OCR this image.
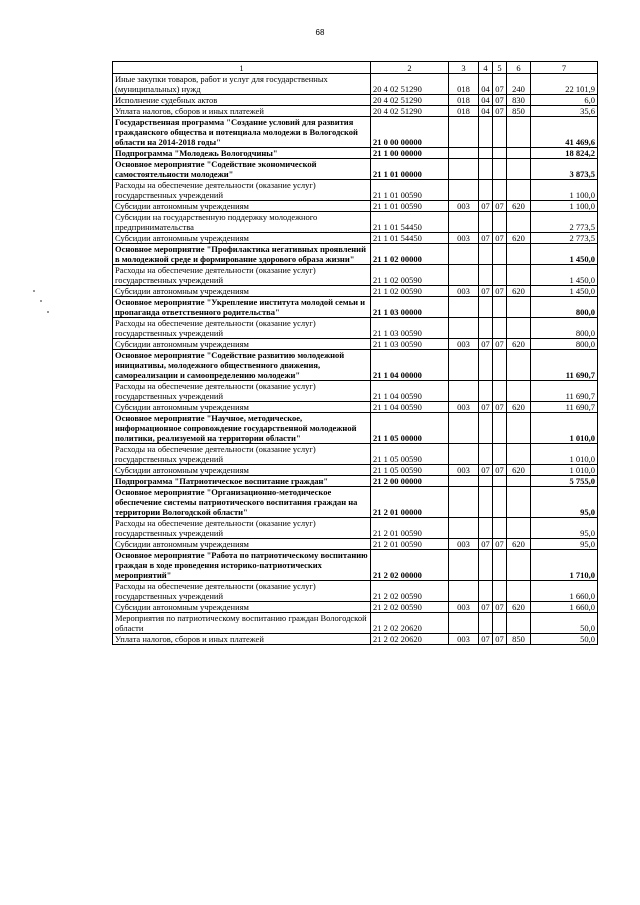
68
1	2	3	4	5	6	7
Иные закупки товаров, работ и услуг для государственных (муниципальных) нужд	20 4 02 51290	018	04	07	240	22 101,9
Исполнение судебных актов	20 4 02 51290	018	04	07	830	6,0
Уплата налогов, сборов и иных платежей	20 4 02 51290	018	04	07	850	35,6
Государственная программа "Создание условий для развития гражданского общества и потенциала молодежи в Вологодской области на 2014-2018 годы"	21 0 00 00000					41 469,6
Подпрограмма "Молодежь Вологодчины"	21 1 00 00000					18 824,2
Основное мероприятие "Содействие экономической самостоятельности молодежи"	21 1 01 00000					3 873,5
Расходы на обеспечение деятельности (оказание услуг) государственных учреждений	21 1 01 00590					1 100,0
Субсидии автономным учреждениям	21 1 01 00590	003	07	07	620	1 100,0
Субсидии на государственную поддержку молодежного предпринимательства	21 1 01 54450					2 773,5
Субсидии автономным учреждениям	21 1 01 54450	003	07	07	620	2 773,5
Основное мероприятие "Профилактика негативных проявлений в молодежной среде и формирование здорового образа жизни"	21 1 02 00000					1 450,0
Расходы на обеспечение деятельности (оказание услуг) государственных учреждений	21 1 02 00590					1 450,0
Субсидии автономным учреждениям	21 1 02 00590	003	07	07	620	1 450,0
Основное мероприятие "Укрепление института молодой семьи и пропаганда ответственного родительства"	21 1 03 00000					800,0
Расходы на обеспечение деятельности (оказание услуг) государственных учреждений	21 1 03 00590					800,0
Субсидии автономным учреждениям	21 1 03 00590	003	07	07	620	800,0
Основное мероприятие "Содействие развитию молодежной инициативы, молодежного общественного движения, самореализации и самоопределению молодежи"	21 1 04 00000					11 690,7
Расходы на обеспечение деятельности (оказание услуг) государственных учреждений	21 1 04 00590					11 690,7
Субсидии автономным учреждениям	21 1 04 00590	003	07	07	620	11 690,7
Основное мероприятие "Научное, методическое, информационное сопровождение государственной молодежной политики, реализуемой на территории области"	21 1 05 00000					1 010,0
Расходы на обеспечение деятельности (оказание услуг) государственных учреждений	21 1 05 00590					1 010,0
Субсидии автономным учреждениям	21 1 05 00590	003	07	07	620	1 010,0
Подпрограмма "Патриотическое воспитание граждан"	21 2 00 00000					5 755,0
Основное мероприятие "Организационно-методическое обеспечение системы патриотического воспитания граждан на территории Вологодской области"	21 2 01 00000					95,0
Расходы на обеспечение деятельности (оказание услуг) государственных учреждений	21 2 01 00590					95,0
Субсидии автономным учреждениям	21 2 01 00590	003	07	07	620	95,0
Основное мероприятие "Работа по патриотическому воспитанию граждан в ходе проведения историко-патриотических мероприятий"	21 2 02 00000					1 710,0
Расходы на обеспечение деятельности (оказание услуг) государственных учреждений	21 2 02 00590					1 660,0
Субсидии автономным учреждениям	21 2 02 00590	003	07	07	620	1 660,0
Мероприятия по патриотическому воспитанию граждан Вологодской области	21 2 02 20620					50,0
Уплата налогов, сборов и иных платежей	21 2 02 20620	003	07	07	850	50,0
